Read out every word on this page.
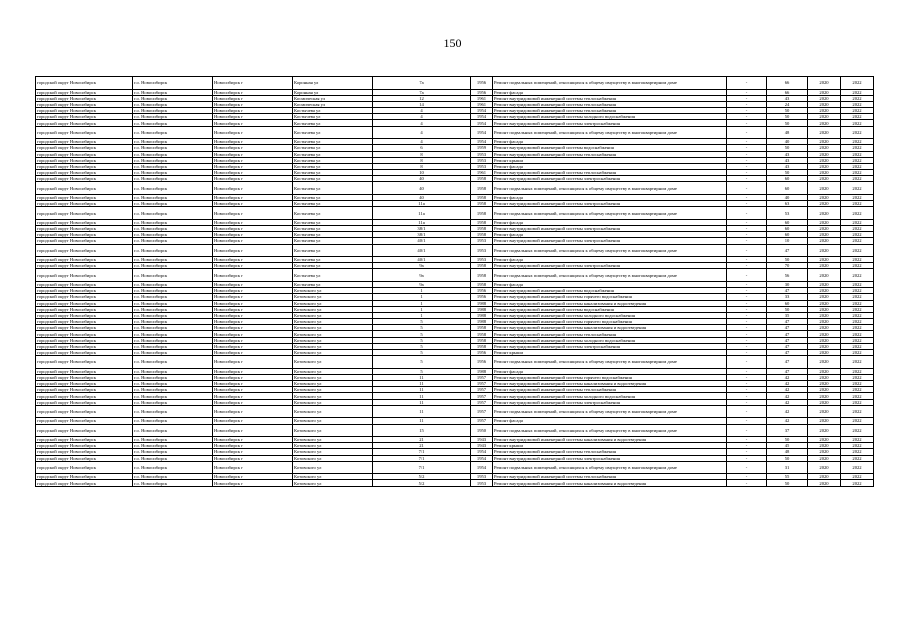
150
городской округ Новосибирск	г.о. Новосибирск	Новосибирск г	Коронная ул	7а	1956	Ремонт подвальных помещений, относящихся к общему имуществу в многоквартирном доме	-	66	2020	2022
городской округ Новосибирск	г.о. Новосибирск	Новосибирск г	Коронная ул	7а	1956	Ремонт фасада	-	66	2020	2022
городской округ Новосибирск	г.о. Новосибирск	Новосибирск г	Космическая ул	12	1961	Ремонт внутридомовой инженерной системы теплоснабжения	-	43	2020	2022
городской округ Новосибирск	г.о. Новосибирск	Новосибирск г	Космическая ул	14	1961	Ремонт внутридомовой инженерной системы теплоснабжения	-	24	2020	2022
городской округ Новосибирск	г.о. Новосибирск	Новосибирск г	Костычева ул	4	1954	Ремонт внутридомовой инженерной системы теплоснабжения	-	50	2020	2022
городской округ Новосибирск	г.о. Новосибирск	Новосибирск г	Костычева ул	4	1954	Ремонт внутридомовой инженерной системы холодного водоснабжения	-	50	2020	2022
городской округ Новосибирск	г.о. Новосибирск	Новосибирск г	Костычева ул	4	1954	Ремонт внутридомовой инженерной системы электроснабжения	-	50	2020	2022
городской округ Новосибирск	г.о. Новосибирск	Новосибирск г	Костычева ул	4	1954	Ремонт подвальных помещений, относящихся к общему имуществу в многоквартирном доме	-	48	2020	2022
городской округ Новосибирск	г.о. Новосибирск	Новосибирск г	Костычева ул	4	1954	Ремонт фасада	-	40	2020	2022
городской округ Новосибирск	г.о. Новосибирск	Новосибирск г	Костычева ул	6	1959	Ремонт внутридомовой инженерной системы водоснабжения	-	50	2020	2022
городской округ Новосибирск	г.о. Новосибирск	Новосибирск г	Костычева ул	8	1953	Ремонт внутридомовой инженерной системы теплоснабжения	-	43	2020	2022
городской округ Новосибирск	г.о. Новосибирск	Новосибирск г	Костычева ул	8	1953	Ремонт крыши	-	43	2020	2022
городской округ Новосибирск	г.о. Новосибирск	Новосибирск г	Костычева ул	8	1953	Ремонт фасада	-	43	2020	2022
городской округ Новосибирск	г.о. Новосибирск	Новосибирск г	Костычева ул	10	1961	Ремонт внутридомовой инженерной системы теплоснабжения	-	50	2020	2022
городской округ Новосибирск	г.о. Новосибирск	Новосибирск г	Костычева ул	40	1958	Ремонт внутридомовой инженерной системы электроснабжения	-	60	2020	2022
городской округ Новосибирск	г.о. Новосибирск	Новосибирск г	Костычева ул	40	1958	Ремонт подвальных помещений, относящихся к общему имуществу в многоквартирном доме	-	60	2020	2022
городской округ Новосибирск	г.о. Новосибирск	Новосибирск г	Костычева ул	40	1958	Ремонт фасада	-	40	2020	2022
городской округ Новосибирск	г.о. Новосибирск	Новосибирск г	Костычева ул	11а	1958	Ремонт внутридомовой инженерной системы электроснабжения	-	63	2020	2022
городской округ Новосибирск	г.о. Новосибирск	Новосибирск г	Костычева ул	11а	1958	Ремонт подвальных помещений, относящихся к общему имуществу в многоквартирном доме	-	53	2020	2022
городской округ Новосибирск	г.о. Новосибирск	Новосибирск г	Костычева ул	11а	1958	Ремонт фасада	-	60	2020	2022
городской округ Новосибирск	г.о. Новосибирск	Новосибирск г	Костычева ул	38/1	1958	Ремонт внутридомовой инженерной системы электроснабжения	-	60	2020	2022
городской округ Новосибирск	г.о. Новосибирск	Новосибирск г	Костычева ул	38/1	1958	Ремонт фасада	-	60	2020	2022
городской округ Новосибирск	г.о. Новосибирск	Новосибирск г	Костычева ул	40/1	1953	Ремонт внутридомовой инженерной системы электроснабжения	-	10	2020	2022
городской округ Новосибирск	г.о. Новосибирск	Новосибирск г	Костычева ул	40/1	1953	Ремонт подвальных помещений, относящихся к общему имуществу в многоквартирном доме	-	47	2020	2022
городской округ Новосибирск	г.о. Новосибирск	Новосибирск г	Костычева ул	40/1	1953	Ремонт фасада	-	50	2020	2022
городской округ Новосибирск	г.о. Новосибирск	Новосибирск г	Костычева ул	9а	1958	Ремонт внутридомовой инженерной системы электроснабжения	-	70	2020	2022
городской округ Новосибирск	г.о. Новосибирск	Новосибирск г	Костычева ул	9а	1958	Ремонт подвальных помещений, относящихся к общему имуществу в многоквартирном доме	-	56	2020	2022
городской округ Новосибирск	г.о. Новосибирск	Новосибирск г	Костычева ул	9а	1958	Ремонт фасада	-	30	2020	2022
городской округ Новосибирск	г.о. Новосибирск	Новосибирск г	Котовского ул	1	1956	Ремонт внутридомовой инженерной системы водоснабжения	-	47	2020	2022
городской округ Новосибирск	г.о. Новосибирск	Новосибирск г	Котовского ул	1	1956	Ремонт внутридомовой инженерной системы горячего водоснабжения	-	33	2020	2022
городской округ Новосибирск	г.о. Новосибирск	Новосибирск г	Котовского ул	1	1988	Ремонт внутридомовой инженерной системы канализования и водоотведения	-	60	2020	2022
городской округ Новосибирск	г.о. Новосибирск	Новосибирск г	Котовского ул	1	1988	Ремонт внутридомовой инженерной системы водоснабжения	-	50	2020	2022
городской округ Новосибирск	г.о. Новосибирск	Новосибирск г	Котовского ул	1	1988	Ремонт внутридомовой инженерной системы холодного водоснабжения	-	35	2020	2022
городской округ Новосибирск	г.о. Новосибирск	Новосибирск г	Котовского ул	5	1988	Ремонт внутридомовой инженерной системы горячего водоснабжения	-	47	2020	2022
городской округ Новосибирск	г.о. Новосибирск	Новосибирск г	Котовского ул	5	1958	Ремонт внутридомовой инженерной системы канализования и водоотведения	-	47	2020	2022
городской округ Новосибирск	г.о. Новосибирск	Новосибирск г	Котовского ул	5	1958	Ремонт внутридомовой инженерной системы теплоснабжения	-	47	2020	2022
городской округ Новосибирск	г.о. Новосибирск	Новосибирск г	Котовского ул	5	1958	Ремонт внутридомовой инженерной системы холодного водоснабжения	-	47	2020	2022
городской округ Новосибирск	г.о. Новосибирск	Новосибирск г	Котовского ул	5	1958	Ремонт внутридомовой инженерной системы электроснабжения	-	47	2020	2022
городской округ Новосибирск	г.о. Новосибирск	Новосибирск г	Котовского ул	5	1956	Ремонт крыши	-	47	2020	2022
городской округ Новосибирск	г.о. Новосибирск	Новосибирск г	Котовского ул	5	1956	Ремонт подвальных помещений, относящихся к общему имуществу в многоквартирном доме	-	47	2020	2022
городской округ Новосибирск	г.о. Новосибирск	Новосибирск г	Котовского ул	5	1988	Ремонт фасада	-	47	2020	2022
городской округ Новосибирск	г.о. Новосибирск	Новосибирск г	Котовского ул	11	1957	Ремонт внутридомовой инженерной системы горячего водоснабжения	-	42	2020	2022
городской округ Новосибирск	г.о. Новосибирск	Новосибирск г	Котовского ул	11	1957	Ремонт внутридомовой инженерной системы канализования и водоотведения	-	42	2020	2022
городской округ Новосибирск	г.о. Новосибирск	Новосибирск г	Котовского ул	11	1957	Ремонт внутридомовой инженерной системы теплоснабжения	-	42	2020	2022
городской округ Новосибирск	г.о. Новосибирск	Новосибирск г	Котовского ул	11	1957	Ремонт внутридомовой инженерной системы холодного водоснабжения	-	42	2020	2022
городской округ Новосибирск	г.о. Новосибирск	Новосибирск г	Котовского ул	11	1957	Ремонт внутридомовой инженерной системы электроснабжения	-	42	2020	2022
городской округ Новосибирск	г.о. Новосибирск	Новосибирск г	Котовского ул	11	1957	Ремонт подвальных помещений, относящихся к общему имуществу в многоквартирном доме	-	42	2020	2022
городской округ Новосибирск	г.о. Новосибирск	Новосибирск г	Котовского ул	11	1957	Ремонт фасада	-	42	2020	2022
городской округ Новосибирск	г.о. Новосибирск	Новосибирск г	Котовского ул	15	1950	Ремонт подвальных помещений, относящихся к общему имуществу в многоквартирном доме	-	37	2020	2022
городской округ Новосибирск	г.о. Новосибирск	Новосибирск г	Котовского ул	21	1943	Ремонт внутридомовой инженерной системы канализования и водоотведения	-	50	2020	2022
городской округ Новосибирск	г.о. Новосибирск	Новосибирск г	Котовского ул	21	1943	Ремонт крыши	-	45	2020	2022
городской округ Новосибирск	г.о. Новосибирск	Новосибирск г	Котовского ул	7/1	1954	Ремонт внутридомовой инженерной системы теплоснабжения	-	48	2020	2022
городской округ Новосибирск	г.о. Новосибирск	Новосибирск г	Котовского ул	7/1	1954	Ремонт внутридомовой инженерной системы электроснабжения	-	50	2020	2022
городской округ Новосибирск	г.о. Новосибирск	Новосибирск г	Котовского ул	7/1	1954	Ремонт подвальных помещений, относящихся к общему имуществу в многоквартирном доме	-	31	2020	2022
городской округ Новосибирск	г.о. Новосибирск	Новосибирск г	Котовского ул	5/2	1953	Ремонт внутридомовой инженерной системы теплоснабжения	-	55	2020	2022
городской округ Новосибирск	г.о. Новосибирск	Новосибирск г	Котовского ул	5/2	1953	Ремонт внутридомовой инженерной системы канализования и водоотведения	-	50	2020	2022
